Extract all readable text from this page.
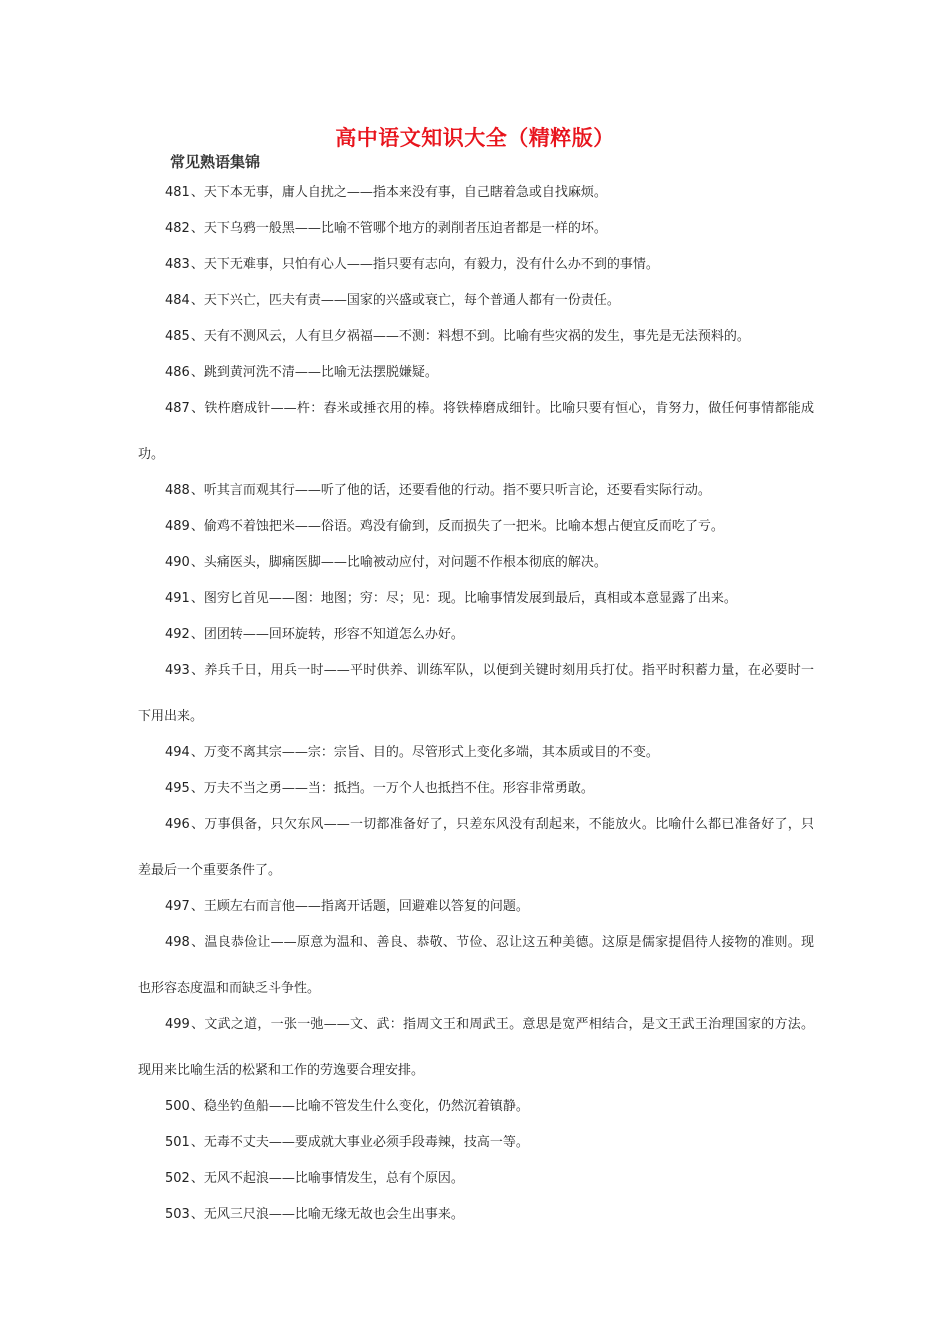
高中语文知识大全（精粹版）
常见熟语集锦

481、天下本无事，庸人自扰之——指本来没有事，自己瞎着急或自找麻烦。

482、天下乌鸦一般黑——比喻不管哪个地方的剥削者压迫者都是一样的坏。

483、天下无难事，只怕有心人——指只要有志向，有毅力，没有什么办不到的事情。

484、天下兴亡，匹夫有责——国家的兴盛或衰亡，每个普通人都有一份责任。

485、天有不测风云，人有旦夕祸福——不测：料想不到。比喻有些灾祸的发生，事先是无法预料的。

486、跳到黄河洗不清——比喻无法摆脱嫌疑。

487、铁杵磨成针——杵：舂米或捶衣用的棒。将铁棒磨成细针。比喻只要有恒心，肯努力，做任何事情都能成功。

488、听其言而观其行——听了他的话，还要看他的行动。指不要只听言论，还要看实际行动。

489、偷鸡不着蚀把米——俗语。鸡没有偷到，反而损失了一把米。比喻本想占便宜反而吃了亏。

490、头痛医头，脚痛医脚——比喻被动应付，对问题不作根本彻底的解决。

491、图穷匕首见——图：地图；穷：尽；见：现。比喻事情发展到最后，真相或本意显露了出来。

492、团团转——回环旋转，形容不知道怎么办好。

493、养兵千日，用兵一时——平时供养、训练军队，以便到关键时刻用兵打仗。指平时积蓄力量，在必要时一下用出来。

494、万变不离其宗——宗：宗旨、目的。尽管形式上变化多端，其本质或目的不变。

495、万夫不当之勇——当：抵挡。一万个人也抵挡不住。形容非常勇敢。

496、万事俱备，只欠东风——一切都准备好了，只差东风没有刮起来，不能放火。比喻什么都已准备好了，只差最后一个重要条件了。

497、王顾左右而言他——指离开话题，回避难以答复的问题。

498、温良恭俭让——原意为温和、善良、恭敬、节俭、忍让这五种美德。这原是儒家提倡待人接物的准则。现也形容态度温和而缺乏斗争性。

499、文武之道，一张一弛——文、武：指周文王和周武王。意思是宽严相结合，是文王武王治理国家的方法。现用来比喻生活的松紧和工作的劳逸要合理安排。

500、稳坐钓鱼船——比喻不管发生什么变化，仍然沉着镇静。

501、无毒不丈夫——要成就大事业必须手段毒辣，技高一等。

502、无风不起浪——比喻事情发生，总有个原因。

503、无风三尺浪——比喻无缘无故也会生出事来。
